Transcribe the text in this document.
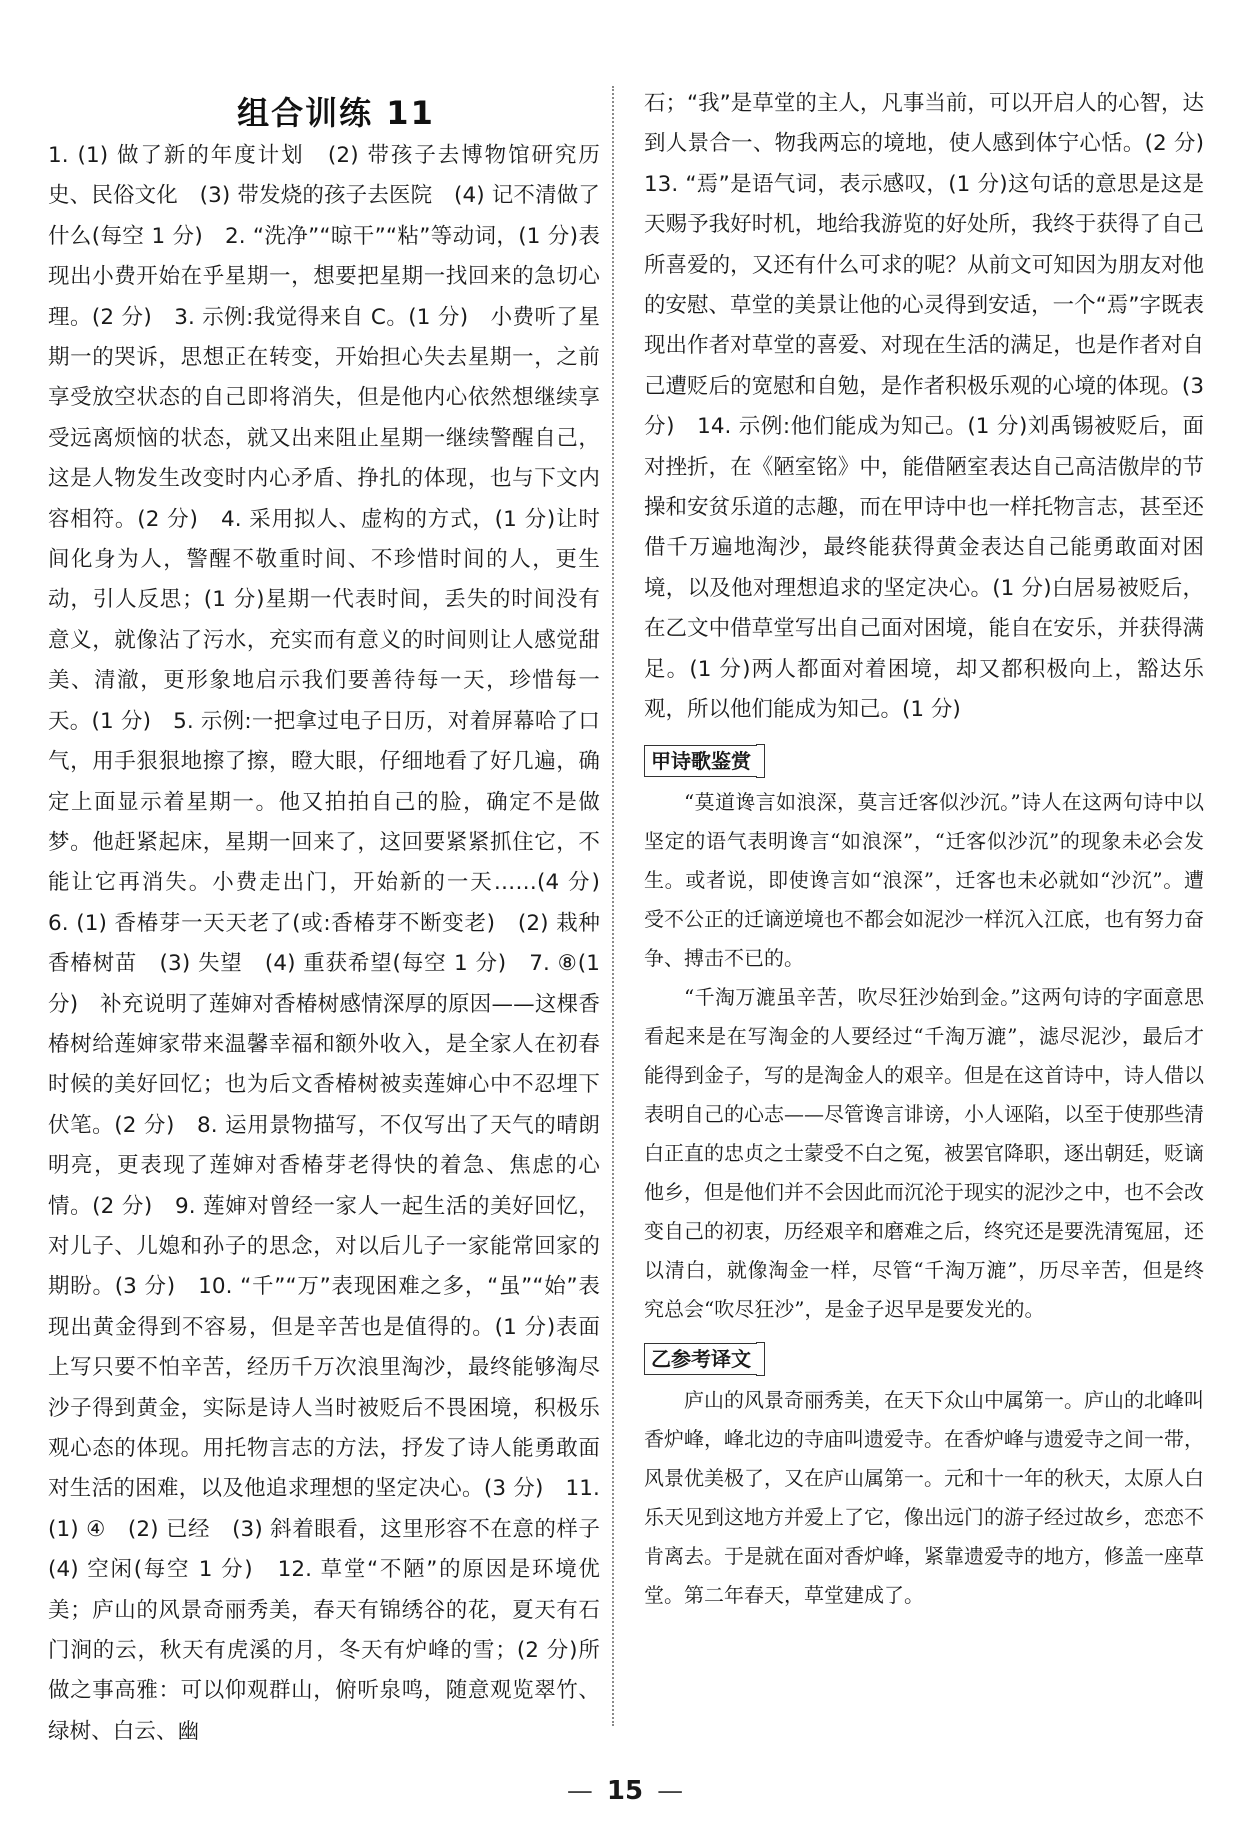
组合训练 11

1. (1) 做了新的年度计划　(2) 带孩子去博物馆研究历史、民俗文化　(3) 带发烧的孩子去医院　(4) 记不清做了什么(每空 1 分)　2. “洗净”“晾干”“粘”等动词，(1 分)表现出小费开始在乎星期一，想要把星期一找回来的急切心理。(2 分)　3. 示例:我觉得来自 C。(1 分)　小费听了星期一的哭诉，思想正在转变，开始担心失去星期一，之前享受放空状态的自己即将消失，但是他内心依然想继续享受远离烦恼的状态，就又出来阻止星期一继续警醒自己，这是人物发生改变时内心矛盾、挣扎的体现，也与下文内容相符。(2 分)　4. 采用拟人、虚构的方式，(1 分)让时间化身为人，警醒不敬重时间、不珍惜时间的人，更生动，引人反思；(1 分)星期一代表时间，丢失的时间没有意义，就像沾了污水，充实而有意义的时间则让人感觉甜美、清澈，更形象地启示我们要善待每一天，珍惜每一天。(1 分)　5. 示例:一把拿过电子日历，对着屏幕哈了口气，用手狠狠地擦了擦，瞪大眼，仔细地看了好几遍，确定上面显示着星期一。他又拍拍自己的脸，确定不是做梦。他赶紧起床，星期一回来了，这回要紧紧抓住它，不能让它再消失。小费走出门，开始新的一天……(4 分)　6. (1) 香椿芽一天天老了(或:香椿芽不断变老)　(2) 栽种香椿树苗　(3) 失望　(4) 重获希望(每空 1 分)　7. ⑧(1 分)　补充说明了莲婶对香椿树感情深厚的原因——这棵香椿树给莲婶家带来温馨幸福和额外收入，是全家人在初春时候的美好回忆；也为后文香椿树被卖莲婶心中不忍埋下伏笔。(2 分)　8. 运用景物描写，不仅写出了天气的晴朗明亮，更表现了莲婶对香椿芽老得快的着急、焦虑的心情。(2 分)　9. 莲婶对曾经一家人一起生活的美好回忆，对儿子、儿媳和孙子的思念，对以后儿子一家能常回家的期盼。(3 分)　10. “千”“万”表现困难之多，“虽”“始”表现出黄金得到不容易，但是辛苦也是值得的。(1 分)表面上写只要不怕辛苦，经历千万次浪里淘沙，最终能够淘尽沙子得到黄金，实际是诗人当时被贬后不畏困境，积极乐观心态的体现。用托物言志的方法，抒发了诗人能勇敢面对生活的困难，以及他追求理想的坚定决心。(3 分)　11. (1) ④　(2) 已经　(3) 斜着眼看，这里形容不在意的样子　(4) 空闲(每空 1 分)　12. 草堂“不陋”的原因是环境优美；庐山的风景奇丽秀美，春天有锦绣谷的花，夏天有石门涧的云，秋天有虎溪的月，冬天有炉峰的雪；(2 分)所做之事高雅：可以仰观群山，俯听泉鸣，随意观览翠竹、绿树、白云、幽

石；“我”是草堂的主人，凡事当前，可以开启人的心智，达到人景合一、物我两忘的境地，使人感到体宁心恬。(2 分)　13. “焉”是语气词，表示感叹，(1 分)这句话的意思是这是天赐予我好时机，地给我游览的好处所，我终于获得了自己所喜爱的，又还有什么可求的呢？从前文可知因为朋友对他的安慰、草堂的美景让他的心灵得到安适，一个“焉”字既表现出作者对草堂的喜爱、对现在生活的满足，也是作者对自己遭贬后的宽慰和自勉，是作者积极乐观的心境的体现。(3 分)　14. 示例:他们能成为知己。(1 分)刘禹锡被贬后，面对挫折，在《陋室铭》中，能借陋室表达自己高洁傲岸的节操和安贫乐道的志趣，而在甲诗中也一样托物言志，甚至还借千万遍地淘沙，最终能获得黄金表达自己能勇敢面对困境，以及他对理想追求的坚定决心。(1 分)白居易被贬后，在乙文中借草堂写出自己面对困境，能自在安乐，并获得满足。(1 分)两人都面对着困境，却又都积极向上，豁达乐观，所以他们能成为知己。(1 分)

甲诗歌鉴赏

“莫道谗言如浪深，莫言迁客似沙沉。”诗人在这两句诗中以坚定的语气表明谗言“如浪深”，“迁客似沙沉”的现象未必会发生。或者说，即使谗言如“浪深”，迁客也未必就如“沙沉”。遭受不公正的迁谪逆境也不都会如泥沙一样沉入江底，也有努力奋争、搏击不已的。

“千淘万漉虽辛苦，吹尽狂沙始到金。”这两句诗的字面意思看起来是在写淘金的人要经过“千淘万漉”，滤尽泥沙，最后才能得到金子，写的是淘金人的艰辛。但是在这首诗中，诗人借以表明自己的心志——尽管谗言诽谤，小人诬陷，以至于使那些清白正直的忠贞之士蒙受不白之冤，被罢官降职，逐出朝廷，贬谪他乡，但是他们并不会因此而沉沦于现实的泥沙之中，也不会改变自己的初衷，历经艰辛和磨难之后，终究还是要洗清冤屈，还以清白，就像淘金一样，尽管“千淘万漉”，历尽辛苦，但是终究总会“吹尽狂沙”，是金子迟早是要发光的。

乙参考译文

庐山的风景奇丽秀美，在天下众山中属第一。庐山的北峰叫香炉峰，峰北边的寺庙叫遗爱寺。在香炉峰与遗爱寺之间一带，风景优美极了，又在庐山属第一。元和十一年的秋天，太原人白乐天见到这地方并爱上了它，像出远门的游子经过故乡，恋恋不肯离去。于是就在面对香炉峰，紧靠遗爱寺的地方，修盖一座草堂。第二年春天，草堂建成了。

— 15 —
